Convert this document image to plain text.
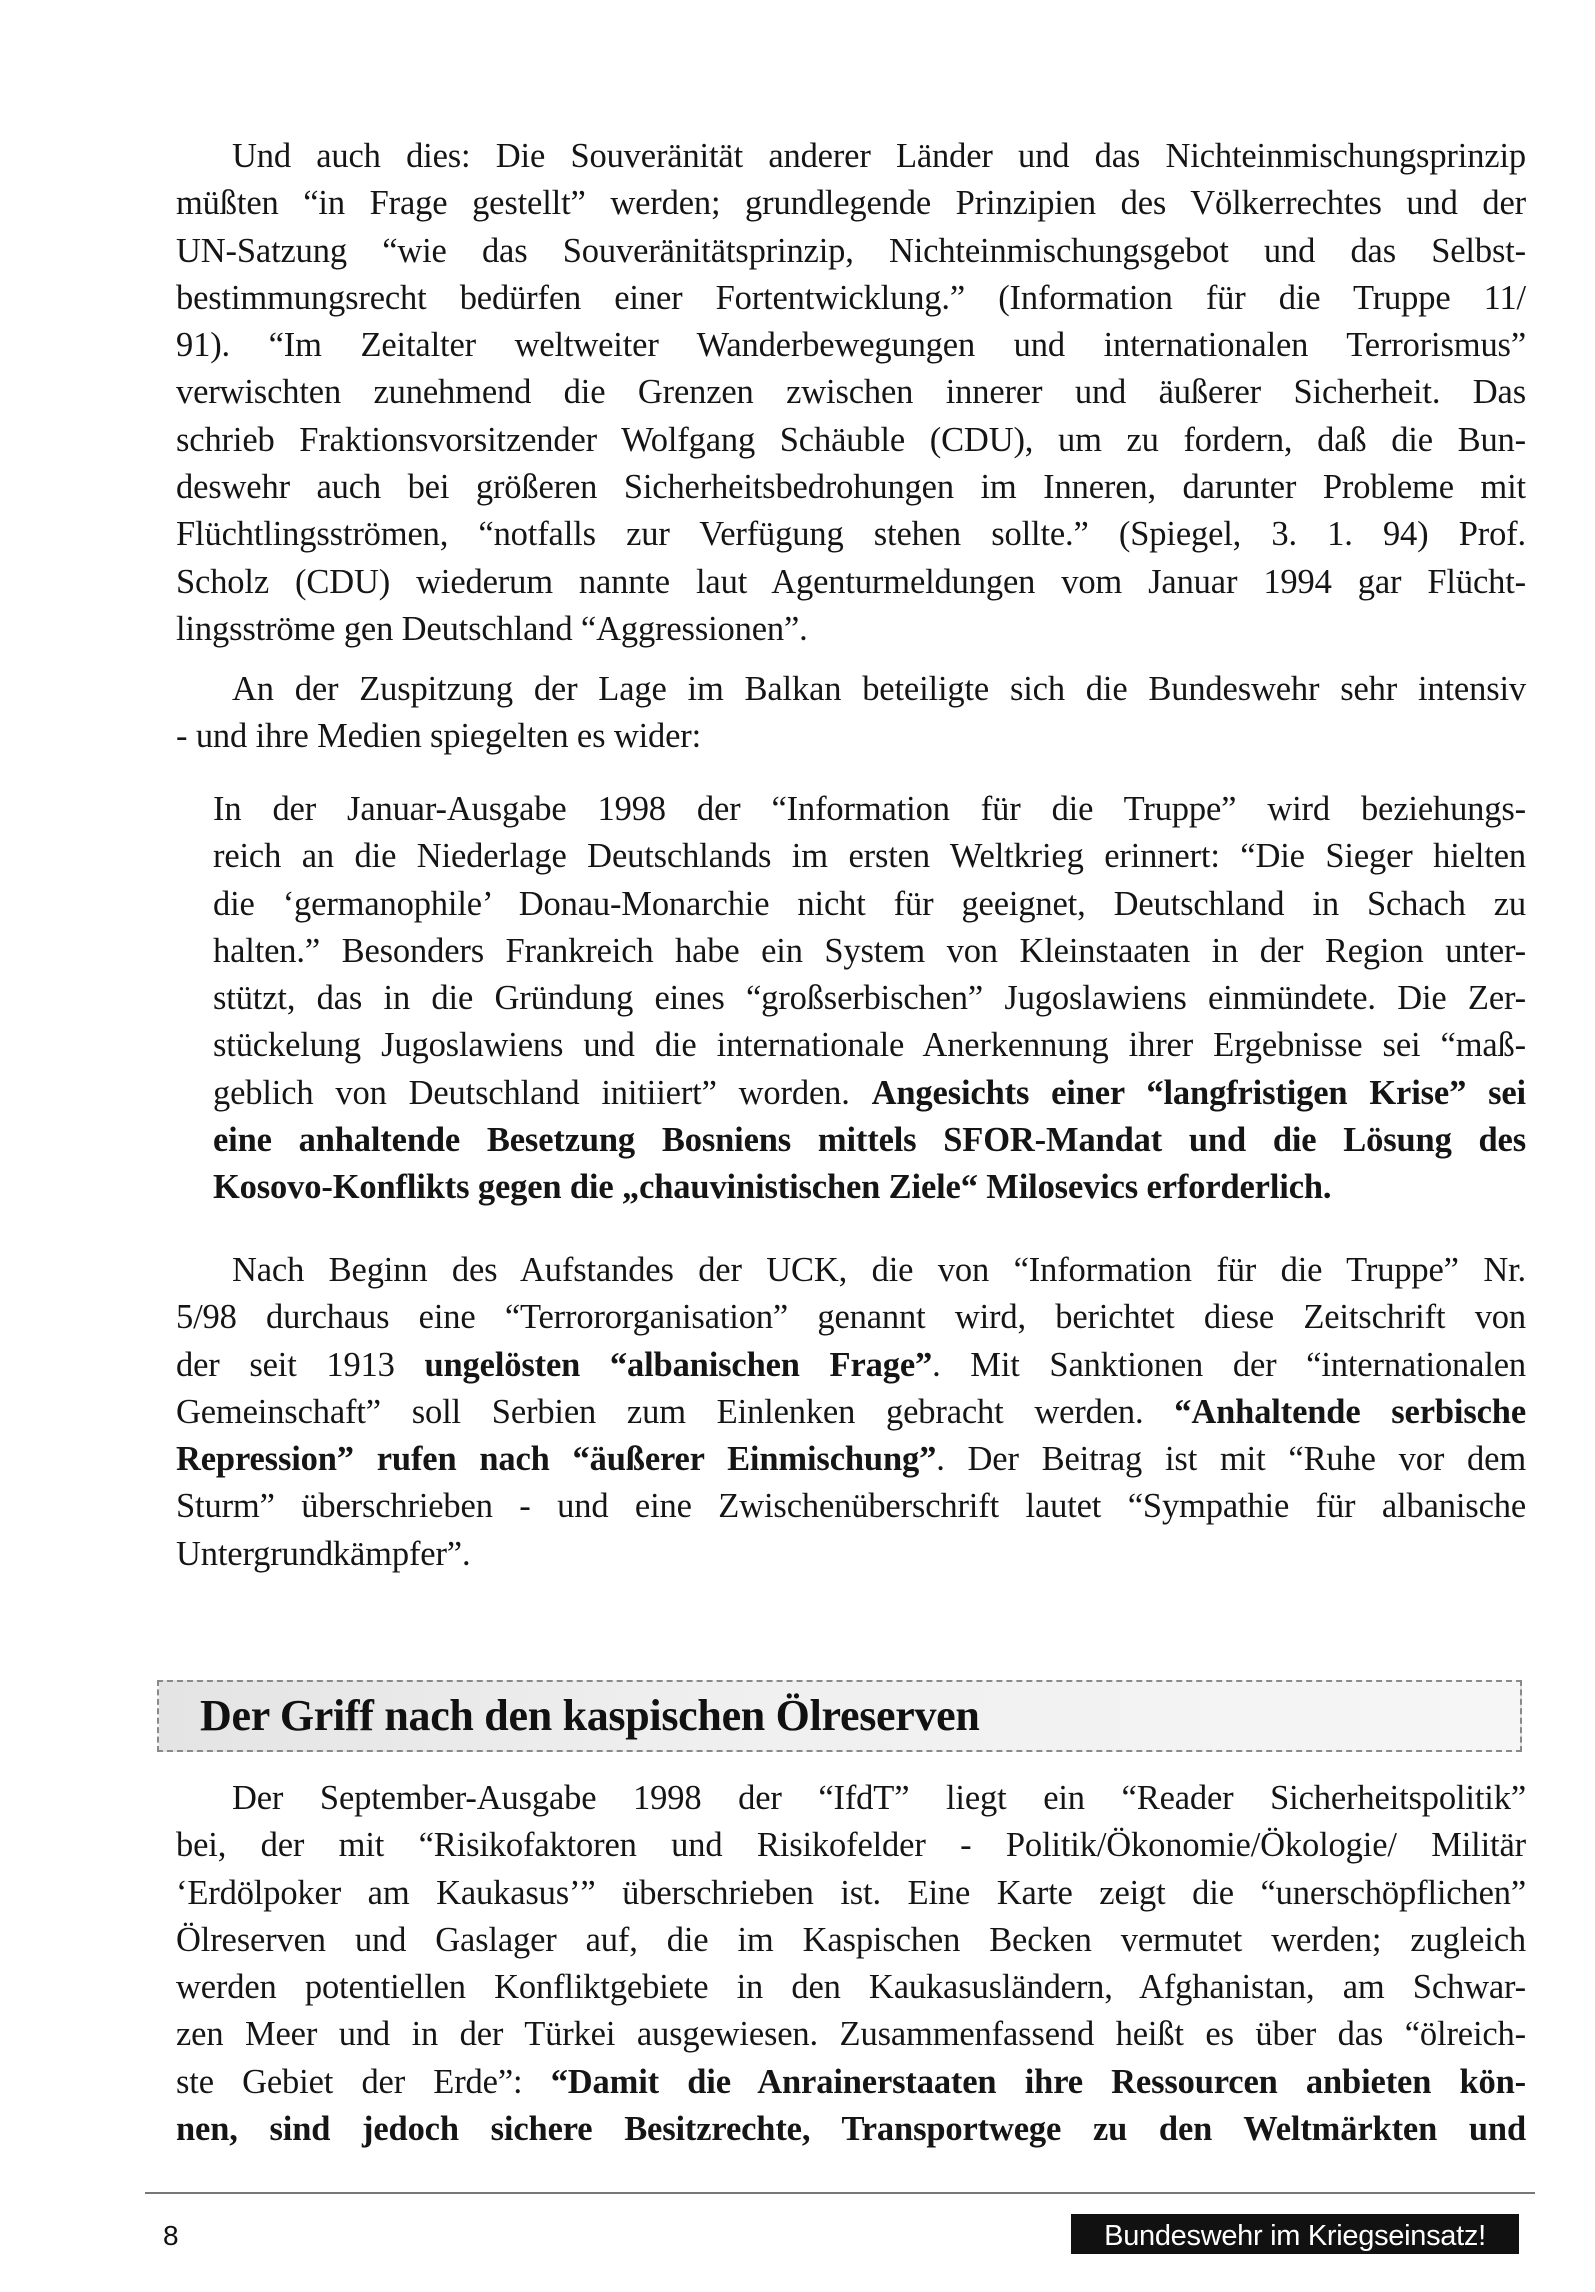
Und auch dies: Die Souveränität anderer Länder und das Nichteinmischungsprinzip
müßten “in Frage gestellt” werden; grundlegende Prinzipien des Völkerrechtes und der
UN-Satzung “wie das Souveränitätsprinzip, Nichteinmischungsgebot und das Selbst-
bestimmungsrecht bedürfen einer Fortentwicklung.” (Information für die Truppe 11/
91). “Im Zeitalter weltweiter Wanderbewegungen und internationalen Terrorismus”
verwischten zunehmend die Grenzen zwischen innerer und äußerer Sicherheit. Das
schrieb Fraktionsvorsitzender Wolfgang Schäuble (CDU), um zu fordern, daß die Bun-
deswehr auch bei größeren Sicherheitsbedrohungen im Inneren, darunter Probleme mit
Flüchtlingsströmen, “notfalls zur Verfügung stehen sollte.” (Spiegel, 3. 1. 94) Prof.
Scholz (CDU) wiederum nannte laut Agenturmeldungen vom Januar 1994 gar Flücht-
lingsströme gen Deutschland “Aggressionen”.

An der Zuspitzung der Lage im Balkan beteiligte sich die Bundeswehr sehr intensiv
- und ihre Medien spiegelten es wider:

In der Januar-Ausgabe 1998 der “Information für die Truppe” wird beziehungs-
reich an die Niederlage Deutschlands im ersten Weltkrieg erinnert: “Die Sieger hielten
die ‘germanophile’ Donau-Monarchie nicht für geeignet, Deutschland in Schach zu
halten.” Besonders Frankreich habe ein System von Kleinstaaten in der Region unter-
stützt, das in die Gründung eines “großserbischen” Jugoslawiens einmündete. Die Zer-
stückelung Jugoslawiens und die internationale Anerkennung ihrer Ergebnisse sei “maß-
geblich von Deutschland initiiert” worden. Angesichts einer “langfristigen Krise” sei
eine anhaltende Besetzung Bosniens mittels SFOR-Mandat und die Lösung des
Kosovo-Konflikts gegen die „chauvinistischen Ziele“ Milosevics erforderlich.

Nach Beginn des Aufstandes der UCK, die von “Information für die Truppe” Nr.
5/98 durchaus eine “Terrororganisation” genannt wird, berichtet diese Zeitschrift von
der seit 1913 ungelösten “albanischen Frage”. Mit Sanktionen der “internationalen
Gemeinschaft” soll Serbien zum Einlenken gebracht werden. “Anhaltende serbische
Repression” rufen nach “äußerer Einmischung”. Der Beitrag ist mit “Ruhe vor dem
Sturm” überschrieben - und eine Zwischenüberschrift lautet “Sympathie für albanische
Untergrundkämpfer”.

Der Griff nach den kaspischen Ölreserven

Der September-Ausgabe 1998 der “IfdT” liegt ein “Reader Sicherheitspolitik”
bei, der mit “Risikofaktoren und Risikofelder - Politik/Ökonomie/Ökologie/ Militär
‘Erdölpoker am Kaukasus’” überschrieben ist. Eine Karte zeigt die “unerschöpflichen”
Ölreserven und Gaslager auf, die im Kaspischen Becken vermutet werden; zugleich
werden potentiellen Konfliktgebiete in den Kaukasusländern, Afghanistan, am Schwar-
zen Meer und in der Türkei ausgewiesen. Zusammenfassend heißt es über das “ölreich-
ste Gebiet der Erde”: “Damit die Anrainerstaaten ihre Ressourcen anbieten kön-
nen, sind jedoch sichere Besitzrechte, Transportwege zu den Weltmärkten und

8	Bundeswehr im Kriegseinsatz!
